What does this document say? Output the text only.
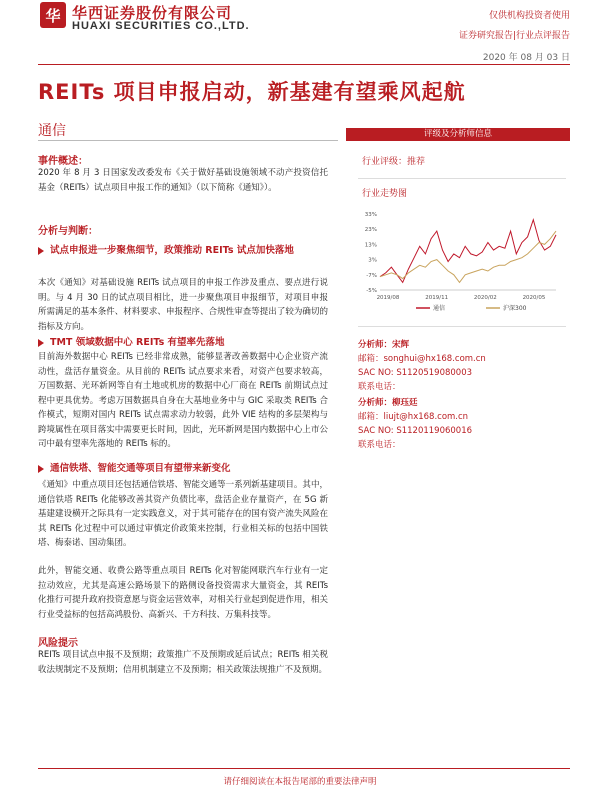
华 华西证券股份有限公司
HUAXI SECURITIES CO.,LTD.
仅供机构投资者使用
证券研究报告|行业点评报告
2020 年 08 月 03 日
REITs 项目申报启动，新基建有望乘风起航
通信
事件概述：
2020 年 8 月 3 日国家发改委发布《关于做好基础设施领域不动产投资信托基金（REITs）试点项目申报工作的通知》（以下简称《通知》）。
分析与判断：
试点申报进一步聚焦细节，政策推动 REITs 试点加快落地
本次《通知》对基础设施 REITs 试点项目的申报工作涉及重点、要点进行说明。与 4 月 30 日的试点项目相比，进一步聚焦项目申报细节，对项目申报所需满足的基本条件、材料要求、申报程序、合规性审查等提出了较为确切的指标及方向。
TMT 领域数据中心 REITs 有望率先落地
目前海外数据中心 REITs 已经非常成熟，能够显著改善数据中心企业资产流动性，盘活存量资金。从目前的 REITs 试点要求来看，对资产包要求较高，万国数据、光环新网等自有土地或机房的数据中心厂商在 REITs 前期试点过程中更具优势。考虑万国数据具自身在大基地业务中与 GIC 采取类 REITs 合作模式，短期对国内 REITs 试点需求动力较弱，此外 VIE 结构的多层架构与跨境属性在项目落实中需要更长时间，因此，光环新网是国内数据中心上市公司中最有望率先落地的 REITs 标的。
通信铁塔、智能交通等项目有望带来新变化
《通知》中重点项目还包括通信铁塔、智能交通等一系列新基建项目。其中，通信铁塔 REITs 化能够改善其资产负债比率，盘活企业存量资产，在 5G 新基建建设横开之际具有一定实践意义，对于其可能存在的国有资产流失风险在其 REITs 化过程中可以通过审慎定价政策来控制，行业相关标的包括中国铁塔、梅泰诺、国动集团。
此外，智能交通、收费公路等重点项目 REITs 化对智能网联汽车行业有一定拉动效应，尤其是高速公路场景下的路侧设备投资需求大量资金，其 REITs 化推行可提升政府投资意愿与资金运营效率，对相关行业起到促进作用，相关行业受益标的包括高鸿股份、高新兴、千方科技、万集科技等。
风险提示
REITs 项目试点申报不及预期；政策推广不及预期或延后试点；REITs 相关税收法规制定不及预期；信用机制建立不及预期；相关政策法规推广不及预期。
评级及分析师信息
行业评级：推荐
行业走势图
33%
23%
13%
3%
-7%
-5%
2019/08	2019/11	2020/02	2020/05
通信	沪深300
分析师：宋辉
邮箱：songhui@hx168.com.cn
SAC NO: S1120519080003
联系电话：
分析师：柳珏廷
邮箱：liujt@hx168.com.cn
SAC NO: S1120119060016
联系电话：
请仔细阅读在本报告尾部的重要法律声明
